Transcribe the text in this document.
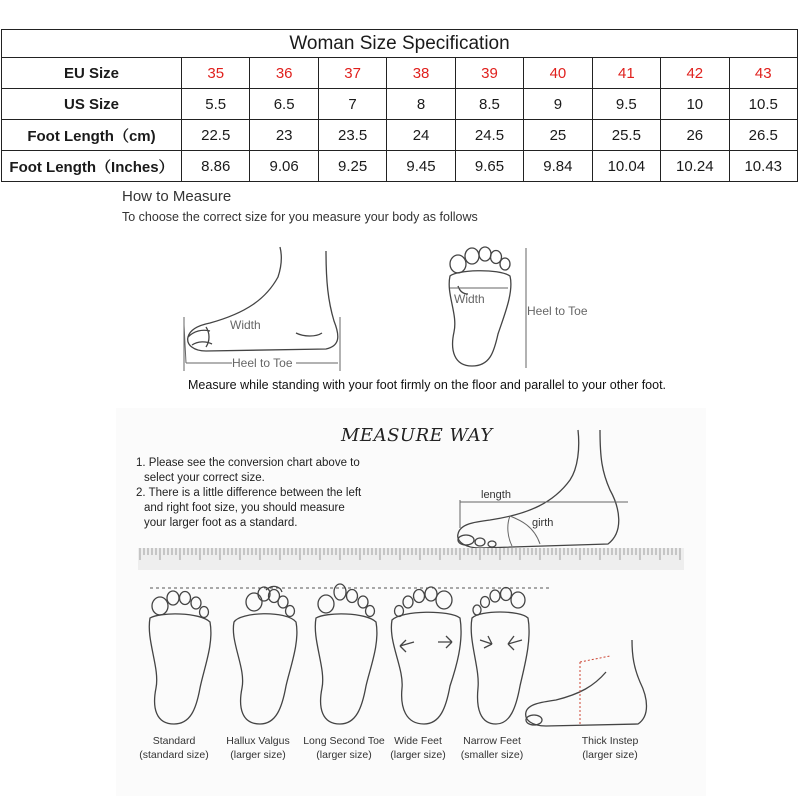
Woman Size Specification									
EU Size	35	36	37	38	39	40	41	42	43
US Size	5.5	6.5	7	8	8.5	9	9.5	10	10.5
Foot Length（cm)	22.5	23	23.5	24	24.5	25	25.5	26	26.5
Foot Length（Inches）	8.86	9.06	9.25	9.45	9.65	9.84	10.04	10.24	10.43
How to Measure
To choose the correct size for you measure your body as follows
Width
Heel to Toe
Width
Heel to Toe
Measure while standing with your foot firmly on the floor and parallel to your other foot.
MEASURE WAY
1. Please see the conversion chart above to
select your correct size.
2. There is a little difference between the left
and right foot size, you should measure
your larger foot as a standard.
length
girth
Standard
(standard size)
Hallux Valgus
(larger size)
Long Second Toe
(larger size)
Wide Feet
(larger size)
Narrow Feet
(smaller size)
Thick Instep
(larger size)
